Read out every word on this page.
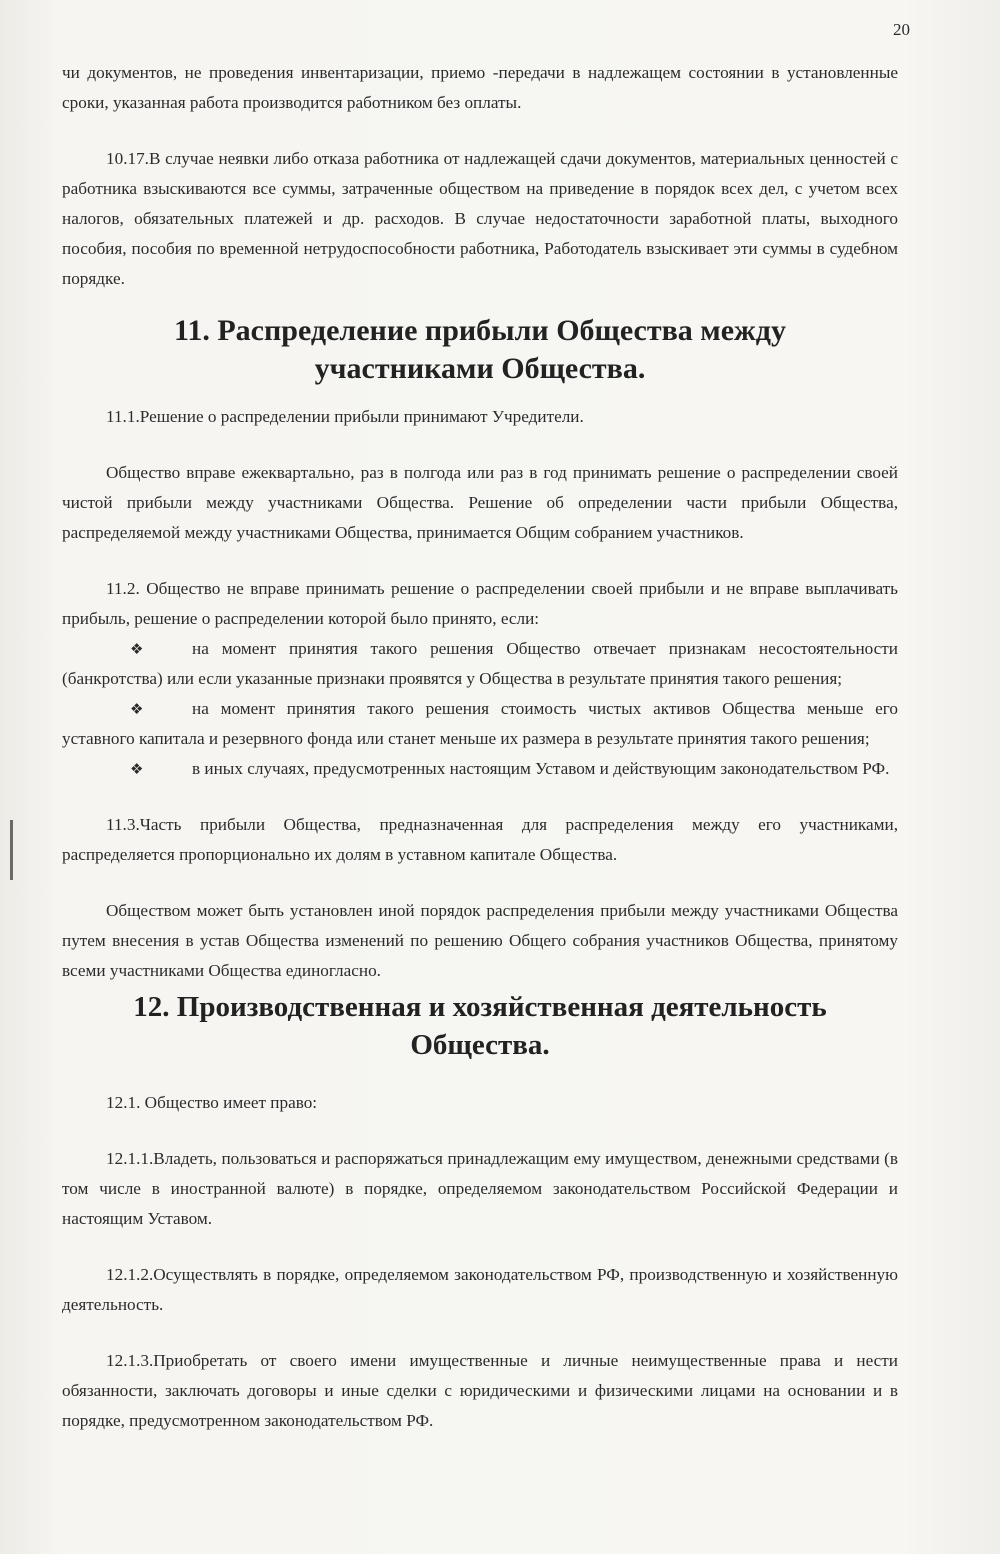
20

чи документов, не проведения инвентаризации, приемо -передачи в надлежащем состоянии в установленные сроки, указанная работа производится работником без оплаты.

10.17.В случае неявки либо отказа работника от надлежащей сдачи документов, материальных ценностей с работника взыскиваются все суммы, затраченные обществом на приведение в порядок всех дел, с учетом всех налогов, обязательных платежей и др. расходов. В случае недостаточности заработной платы, выходного пособия, пособия по временной нетрудоспособности работника, Работодатель взыскивает эти суммы в судебном порядке.

11. Распределение прибыли Общества между
участниками Общества.

11.1.Решение о распределении прибыли принимают Учредители.

Общество вправе ежеквартально, раз в полгода или раз в год принимать решение о распределении своей чистой прибыли между участниками Общества. Решение об определении части прибыли Общества, распределяемой между участниками Общества, принимается Общим собранием участников.

11.2. Общество не вправе принимать решение о распределении своей прибыли и не вправе выплачивать прибыль, решение о распределении которой было принято, если:

❖	на момент принятия такого решения Общество отвечает признакам несостоятельности (банкротства) или если указанные признаки проявятся у Общества в результате принятия такого решения;
❖	на момент принятия такого решения стоимость чистых активов Общества меньше его уставного капитала и резервного фонда или станет меньше их размера в результате принятия такого решения;
❖	в иных случаях, предусмотренных настоящим Уставом и действующим законодательством РФ.

11.3.Часть прибыли Общества, предназначенная для распределения между его участниками, распределяется пропорционально их долям в уставном капитале Общества.

Обществом может быть установлен иной порядок распределения прибыли между участниками Общества путем внесения в устав Общества изменений по решению Общего собрания участников Общества, принятому всеми участниками Общества единогласно.

12. Производственная и хозяйственная деятельность Общества.

12.1. Общество имеет право:

12.1.1.Владеть, пользоваться и распоряжаться принадлежащим ему имуществом, денежными средствами (в том числе в иностранной валюте) в порядке, определяемом законодательством Российской Федерации и настоящим Уставом.

12.1.2.Осуществлять в порядке, определяемом законодательством РФ, производственную и хозяйственную деятельность.

12.1.3.Приобретать от своего имени имущественные и личные неимущественные права и нести обязанности, заключать договоры и иные сделки с юридическими и физическими лицами на основании и в порядке, предусмотренном законодательством РФ.
